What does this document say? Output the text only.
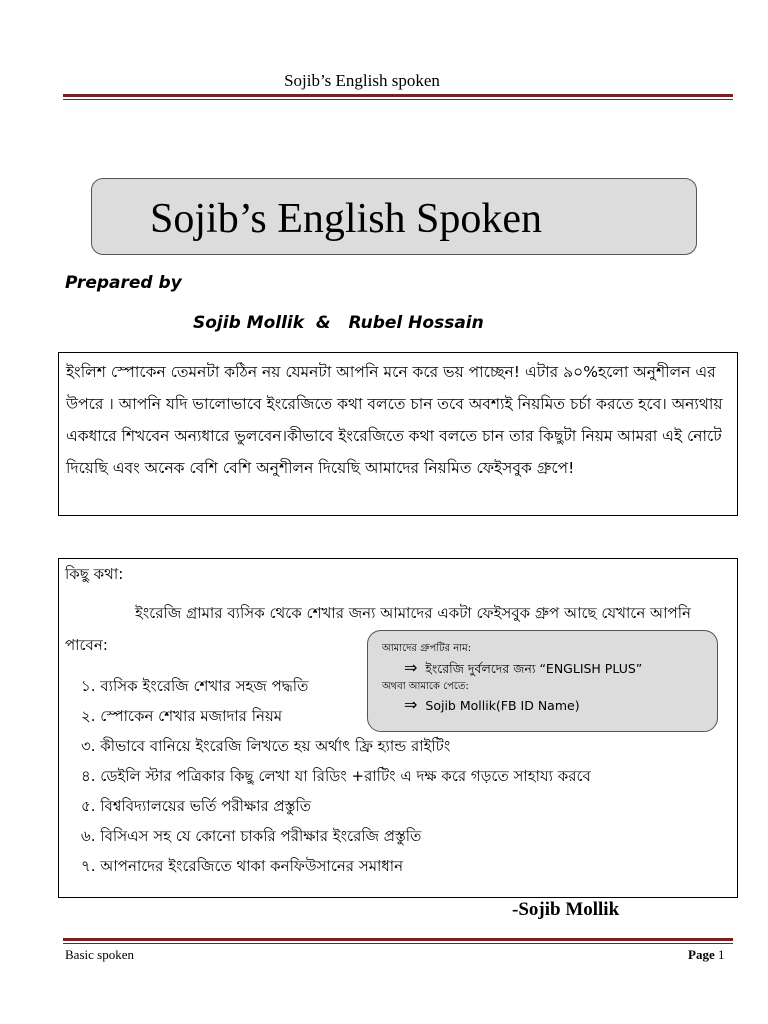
Sojib’s English spoken
Sojib’s English Spoken
Prepared by
Sojib Mollik  &   Rubel Hossain

ইংলিশ স্পোকেন তেমনটা কঠিন নয় যেমনটা আপনি মনে করে ভয় পাচ্ছেন! এটার ৯০%হলো অনুশীলন এর উপরে । আপনি যদি ভালোভাবে ইংরেজিতে কথা বলতে চান তবে অবশ্যই নিয়মিত চর্চা করতে হবে। অন্যথায় একধারে শিখবেন অন্যধারে ভুলবেন।কীভাবে ইংরেজিতে কথা বলতে চান তার কিছুটা নিয়ম আমরা এই নোটে দিয়েছি এবং অনেক বেশি বেশি অনুশীলন দিয়েছি আমাদের নিয়মিত ফেইসবুক গ্রুপে!

কিছু কথা:

ইংরেজি গ্রামার ব্যসিক থেকে শেখার জন্য আমাদের একটা ফেইসবুক গ্রুপ আছে যেখানে আপনি পাবেন:

১. ব্যসিক ইংরেজি শেখার সহজ পদ্ধতি
২. স্পোকেন শেখার মজাদার নিয়ম
৩. কীভাবে বানিয়ে ইংরেজি লিখতে হয় অর্থাৎ ফ্রি হ্যান্ড রাইটিং
৪. ডেইলি স্টার পত্রিকার কিছু লেখা যা রিডিং +রাটিং এ দক্ষ করে গড়তে সাহায্য করবে
৫. বিশ্ববিদ্যালয়ের ভর্তি পরীক্ষার প্রস্তুতি
৬. বিসিএস সহ যে কোনো চাকরি পরীক্ষার ইংরেজি প্রস্তুতি
৭. আপনাদের ইংরেজিতে থাকা কনফিউসানের সমাধান
আমাদের গ্রুপটির নাম:
⇒ ইংরেজি দুর্বলদের জন্য “ENGLISH PLUS”
অথবা আমাকে পেতে:
⇒ Sojib Mollik(FB ID Name)
-Sojib Mollik
Basic spoken	Page 1
